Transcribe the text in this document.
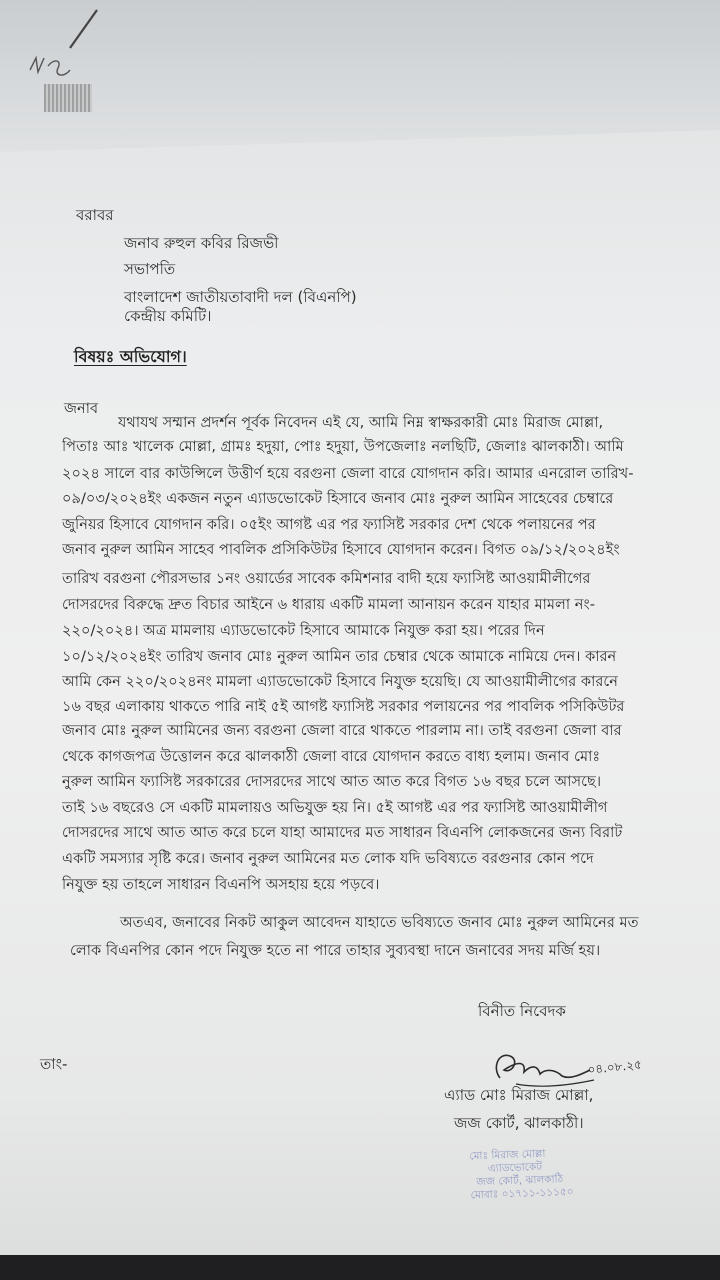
বরাবর
জনাব রুহুল কবির রিজভী
সভাপতি
বাংলাদেশ জাতীয়তাবাদী দল (বিএনপি)
কেন্দ্রীয় কমিটি।
বিষয়ঃ অভিযোগ।
জনাব
যথাযথ সম্মান প্রদর্শন পূর্বক নিবেদন এই যে, আমি নিম্ন স্বাক্ষরকারী মোঃ মিরাজ মোল্লা,
পিতাঃ আঃ খালেক মোল্লা, গ্রামঃ হদুয়া, পোঃ হদুয়া, উপজেলাঃ নলছিটি, জেলাঃ ঝালকাঠী। আমি
২০২৪ সালে বার কাউন্সিলে উত্তীর্ণ হয়ে বরগুনা জেলা বারে যোগদান করি। আমার এনরোল তারিখ-
০৯/০৩/২০২৪ইং একজন নতুন এ্যাডভোকেট হিসাবে জনাব মোঃ নুরুল আমিন সাহেবের চেম্বারে
জুনিয়র হিসাবে যোগদান করি। ০৫ইং আগষ্ট এর পর ফ্যাসিষ্ট সরকার দেশ থেকে পলায়নের পর
জনাব নুরুল আমিন সাহেব পাবলিক প্রসিকিউটর হিসাবে যোগদান করেন। বিগত ০৯/১২/২০২৪ইং
তারিখ বরগুনা পৌরসভার ১নং ওয়ার্ডের সাবেক কমিশনার বাদী হয়ে ফ্যাসিষ্ট আওয়ামীলীগের
দোসরদের বিরুদ্ধে দ্রুত বিচার আইনে ৬ ধারায় একটি মামলা আনায়ন করেন যাহার মামলা নং-
২২০/২০২৪। অত্র মামলায় এ্যাডভোকেট হিসাবে আমাকে নিযুক্ত করা হয়। পরের দিন
১০/১২/২০২৪ইং তারিখ জনাব মোঃ নুরুল আমিন তার চেম্বার থেকে আমাকে নামিয়ে দেন। কারন
আমি কেন ২২০/২০২৪নং মামলা এ্যাডভোকেট হিসাবে নিযুক্ত হয়েছি। যে আওয়ামীলীগের কারনে
১৬ বছর এলাকায় থাকতে পারি নাই ৫ই আগষ্ট ফ্যাসিষ্ট সরকার পলায়নের পর পাবলিক পসিকিউটর
জনাব মোঃ নুরুল আমিনের জন্য বরগুনা জেলা বারে থাকতে পারলাম না। তাই বরগুনা জেলা বার
থেকে কাগজপত্র উত্তোলন করে ঝালকাঠী জেলা বারে যোগদান করতে বাধ্য হলাম। জনাব মোঃ
নুরুল আমিন ফ্যাসিষ্ট সরকারের দোসরদের সাথে আত আত করে বিগত ১৬ বছর চলে আসছে।
তাই ১৬ বছরেও সে একটি মামলায়ও অভিযুক্ত হয় নি। ৫ই আগষ্ট এর পর ফ্যাসিষ্ট আওয়ামীলীগ
দোসরদের সাথে আত আত করে চলে যাহা আমাদের মত সাধারন বিএনপি লোকজনের জন্য বিরাট
একটি সমস্যার সৃষ্টি করে। জনাব নুরুল আমিনের মত লোক যদি ভবিষ্যতে বরগুনার কোন পদে
নিযুক্ত হয় তাহলে সাধারন বিএনপি অসহায় হয়ে পড়বে।
অতএব, জনাবের নিকট আকুল আবেদন যাহাতে ভবিষ্যতে জনাব মোঃ নুরুল আমিনের মত
লোক বিএনপির কোন পদে নিযুক্ত হতে না পারে তাহার সুব্যবস্থা দানে জনাবের সদয় মর্জি হয়।
বিনীত নিবেদক
তাং-	০৪.০৮.২৫
এ্যাড মোঃ মিরাজ মোল্লা,
জজ কোর্ট, ঝালকাঠী।
মোঃ মিরাজ মোল্লা
এ্যাডভোকেট
জজ কোর্ট, ঝালকাঠি
মোবাঃ ০১৭১১-১১১৫০
